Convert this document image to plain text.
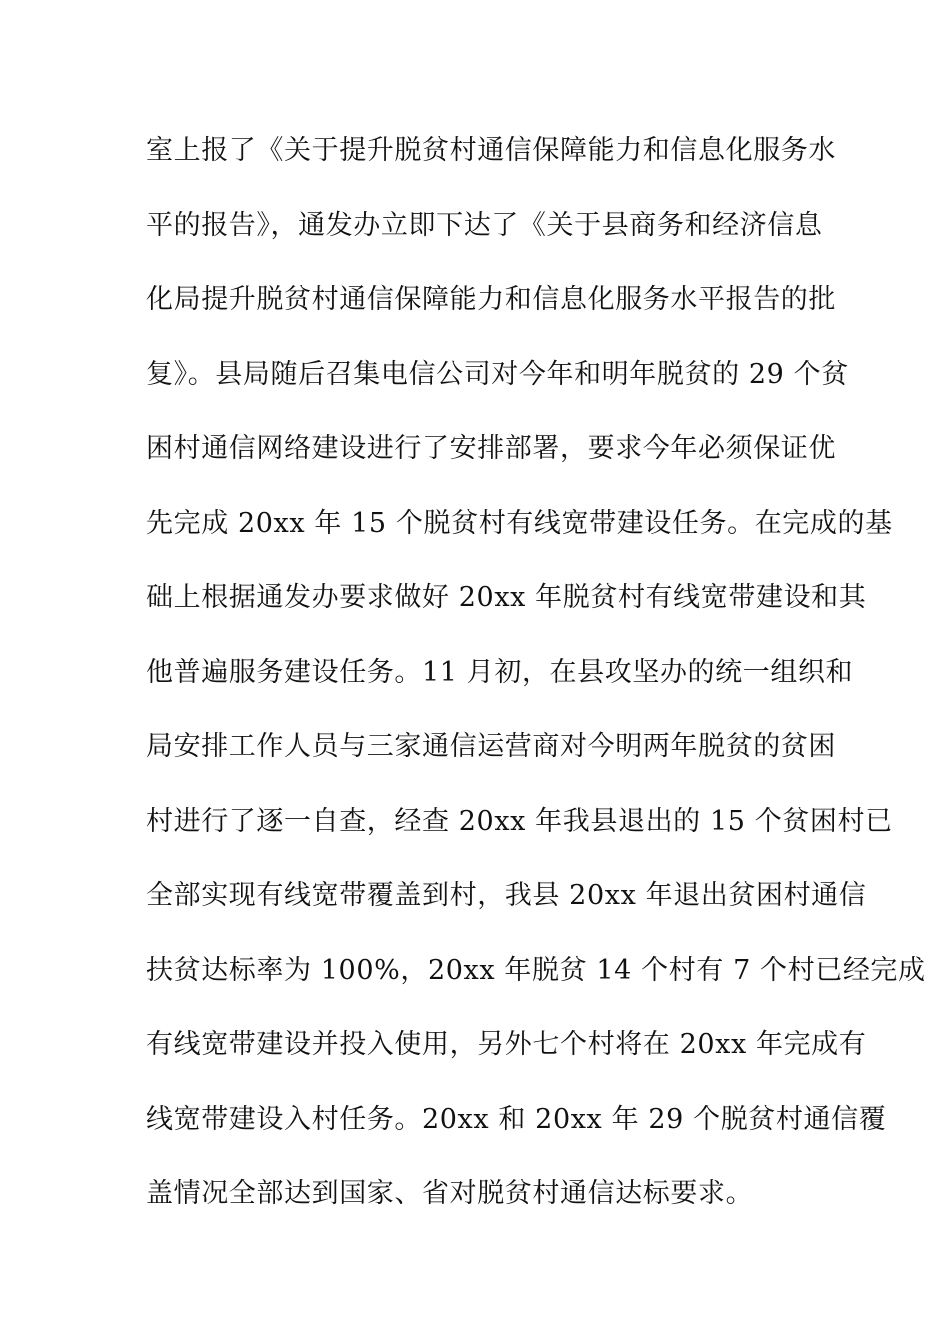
室上报了《关于提升脱贫村通信保障能力和信息化服务水
平的报告》，通发办立即下达了《关于县商务和经济信息
化局提升脱贫村通信保障能力和信息化服务水平报告的批
复》。县局随后召集电信公司对今年和明年脱贫的 29 个贫
困村通信网络建设进行了安排部署，要求今年必须保证优
先完成 20xx 年 15 个脱贫村有线宽带建设任务。在完成的基
础上根据通发办要求做好 20xx 年脱贫村有线宽带建设和其
他普遍服务建设任务。11 月初，在县攻坚办的统一组织和
局安排工作人员与三家通信运营商对今明两年脱贫的贫困
村进行了逐一自查，经查 20xx 年我县退出的 15 个贫困村已
全部实现有线宽带覆盖到村，我县 20xx 年退出贫困村通信
扶贫达标率为 100%，20xx 年脱贫 14 个村有 7 个村已经完成
有线宽带建设并投入使用，另外七个村将在 20xx 年完成有
线宽带建设入村任务。20xx 和 20xx 年 29 个脱贫村通信覆
盖情况全部达到国家、省对脱贫村通信达标要求。
